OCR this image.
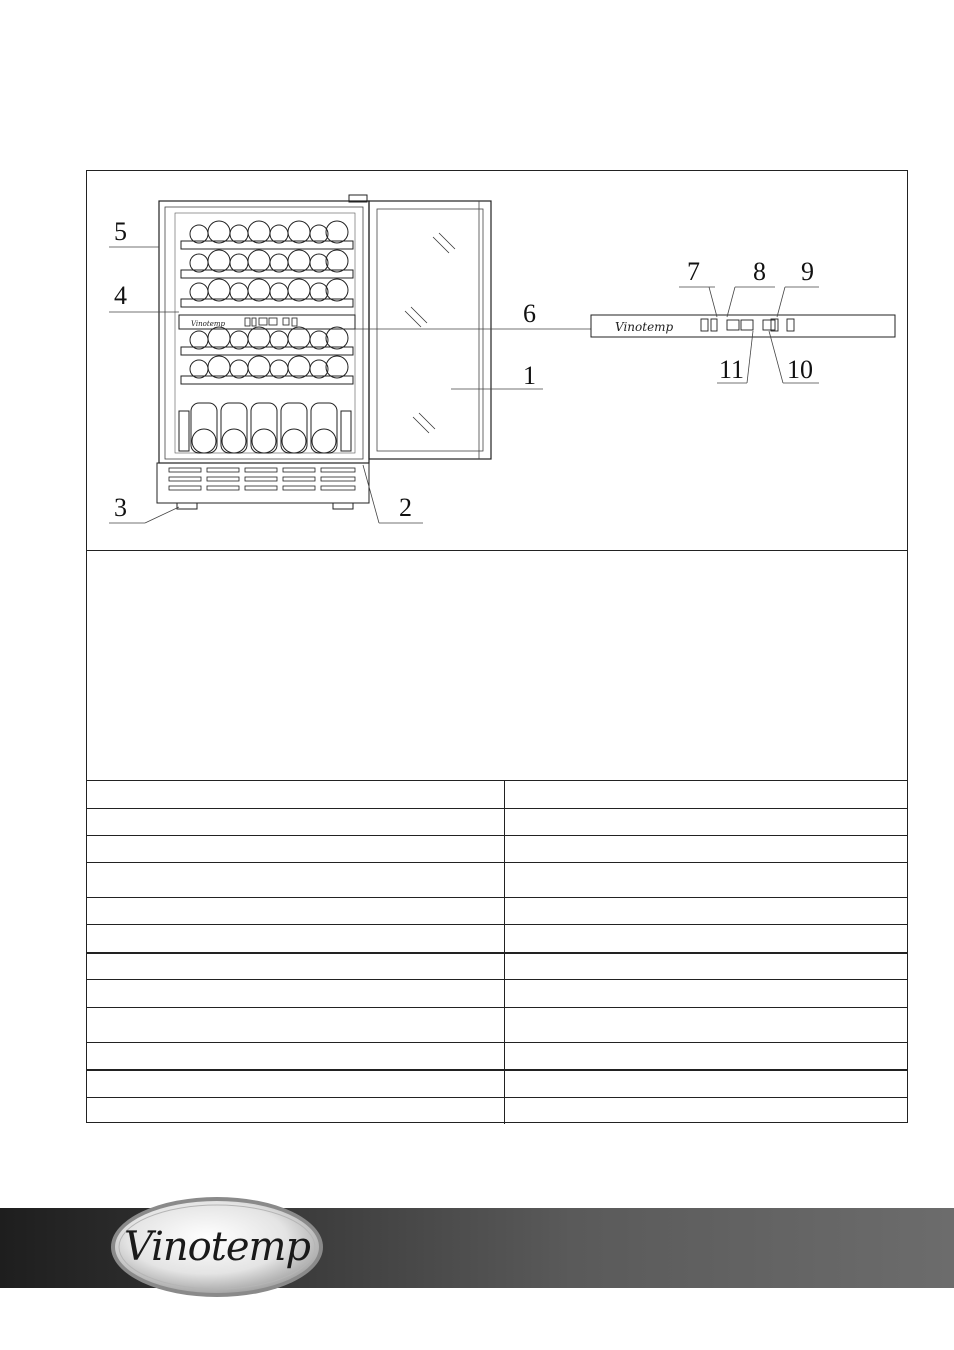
Vinotemp	Vinotemp
5
4
3	2
6
1
7 8 9
11 10

Vinotemp
